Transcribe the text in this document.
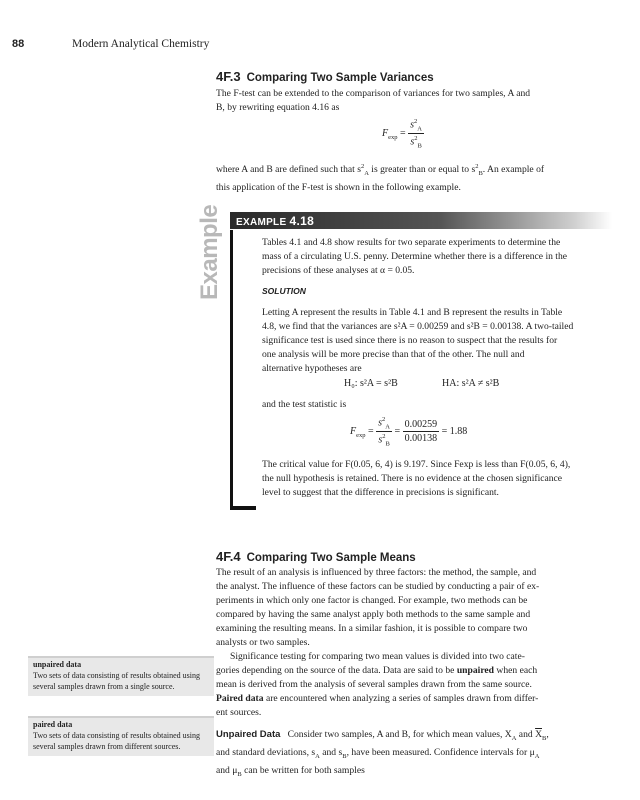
88	Modern Analytical Chemistry
4F.3 Comparing Two Sample Variances

The F-test can be extended to the comparison of variances for two samples, A and

B, by rewriting equation 4.16 as

$F_{exp} = \frac{s^2_A}{s^2_B}$

where A and B are defined such that $s^2_A$ is greater than or equal to $s^2_B$. An example of

this application of the F-test is shown in the following example.

EXAMPLE 4.18
Example	Tables 4.1 and 4.8 show results for two separate experiments to determine the

mass of a circulating U.S. penny. Determine whether there is a difference in the

precisions of these analyses at α = 0.05.

SOLUTION

Letting A represent the results in Table 4.1 and B represent the results in Table

4.8, we find that the variances are s²A = 0.00259 and s²B = 0.00138. A two-tailed

significance test is used since there is no reason to suspect that the results for

one analysis will be more precise than that of the other. The null and

alternative hypotheses are

H₀: s²A = s²B	HA: s²A ≠ s²B

and the test statistic is

$F_{exp} = \frac{s^2_A}{s^2_B} = \frac{0.00259}{0.00138} = 1.88$

The critical value for F(0.05, 6, 4) is 9.197. Since Fexp is less than F(0.05, 6, 4),

the null hypothesis is retained. There is no evidence at the chosen significance

level to suggest that the difference in precisions is significant.

4F.4 Comparing Two Sample Means

The result of an analysis is influenced by three factors: the method, the sample, and

the analyst. The influence of these factors can be studied by conducting a pair of ex-

periments in which only one factor is changed. For example, two methods can be

compared by having the same analyst apply both methods to the same sample and

examining the resulting means. In a similar fashion, it is possible to compare two

analysts or two samples.

Significance testing for comparing two mean values is divided into two cate-

gories depending on the source of the data. Data are said to be unpaired when each

mean is derived from the analysis of several samples drawn from the same source.

Paired data are encountered when analyzing a series of samples drawn from differ-

ent sources.

Unpaired Data Consider two samples, A and B, for which mean values, $X_A$ and $\overline{X}_B$,

and standard deviations, $s_A$ and $s_B$, have been measured. Confidence intervals for $\mu_A$

and $\mu_B$ can be written for both samples

unpaired data
Two sets of data consisting of results obtained using several samples drawn from a single source.
paired data
Two sets of data consisting of results obtained using several samples drawn from different sources.
